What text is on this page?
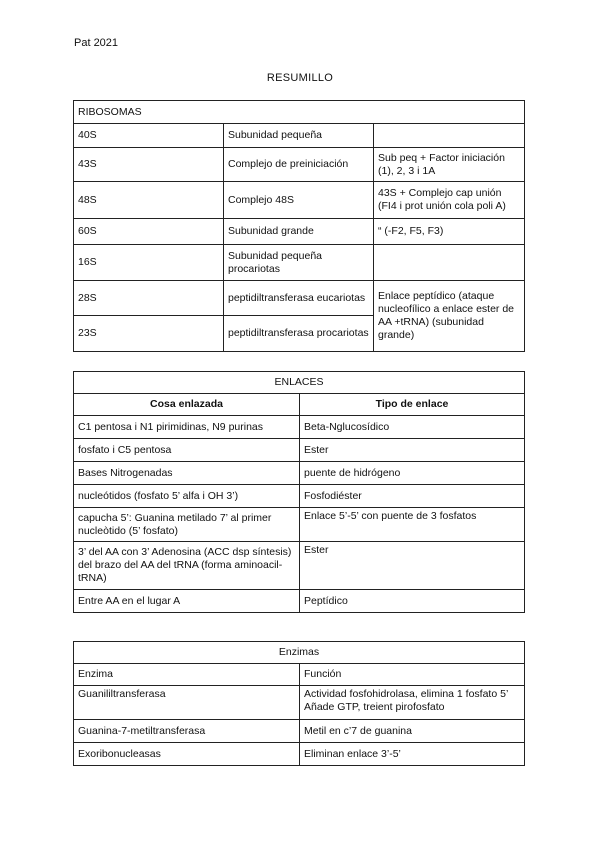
Pat 2021
RESUMILLO
RIBOSOMAS		
40S	Subunidad pequeña	
43S	Complejo de preiniciación	Sub peq + Factor iniciación (1), 2, 3 i 1A
48S	Complejo 48S	43S + Complejo cap unión (FI4 i prot unión cola poli A)
60S	Subunidad grande	“ (-F2, F5, F3)
16S	Subunidad pequeña procariotas	
28S	peptidiltransferasa eucariotas	Enlace peptídico (ataque nucleofílico a enlace ester de AA +tRNA) (subunidad grande)
23S	peptidiltransferasa procariotas	
ENLACES	
Cosa enlazada	Tipo de enlace
C1 pentosa i N1 pirimidinas, N9 purinas	Beta-Nglucosídico
fosfato i C5 pentosa	Ester
Bases Nitrogenadas	puente de hidrógeno
nucleótidos (fosfato 5’ alfa i OH 3’)	Fosfodiéster
capucha 5’: Guanina metilado 7’ al primer nucleòtido (5’ fosfato)	Enlace 5’-5’ con puente de 3 fosfatos
3’ del AA con 3’ Adenosina (ACC dsp síntesis) del brazo del AA del tRNA (forma aminoacil-tRNA)	Ester
Entre AA en el lugar A	Peptídico
Enzimas	
Enzima	Función
Guanililtransferasa	Actividad fosfohidrolasa, elimina 1 fosfato 5’ Añade GTP, treient pirofosfato
Guanina-7-metiltransferasa	Metil en c’7 de guanina
Exoribonucleasas	Eliminan enlace 3’-5’
